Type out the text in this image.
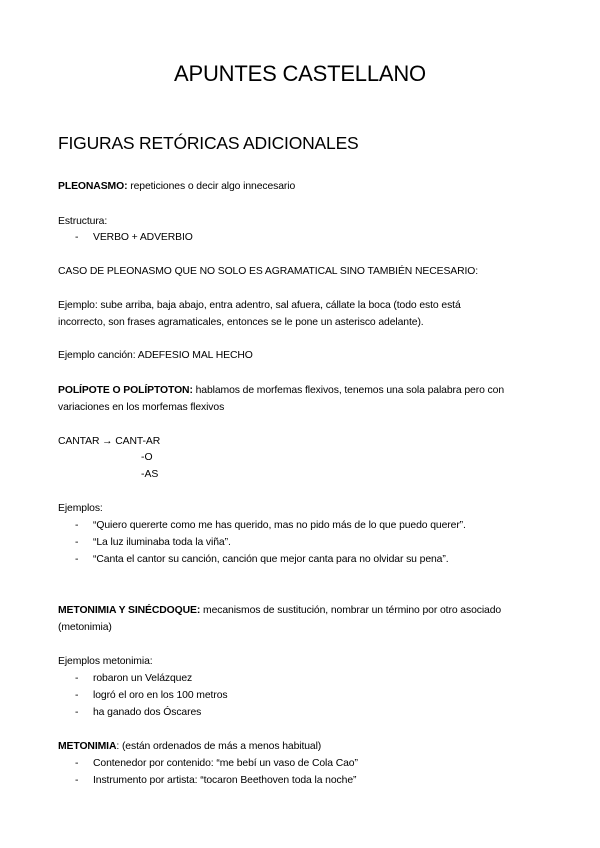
APUNTES CASTELLANO
FIGURAS RETÓRICAS ADICIONALES
PLEONASMO: repeticiones o decir algo innecesario
Estructura:
- VERBO + ADVERBIO
CASO DE PLEONASMO QUE NO SOLO ES AGRAMATICAL SINO TAMBIÉN NECESARIO:
Ejemplo: sube arriba, baja abajo, entra adentro, sal afuera, cállate la boca (todo esto está
incorrecto, son frases agramaticales, entonces se le pone un asterisco adelante).
Ejemplo canción: ADEFESIO MAL HECHO
POLÍPOTE O POLÍPTOTON: hablamos de morfemas flexivos, tenemos una sola palabra pero con
variaciones en los morfemas flexivos
CANTAR → CANT-AR
-O
-AS
Ejemplos:
- “Quiero quererte como me has querido, mas no pido más de lo que puedo querer”.
- “La luz iluminaba toda la viña”.
- “Canta el cantor su canción, canción que mejor canta para no olvidar su pena”.
METONIMIA Y SINÉCDOQUE: mecanismos de sustitución, nombrar un término por otro asociado
(metonimia)
Ejemplos metonimia:
- robaron un Velázquez
- logró el oro en los 100 metros
- ha ganado dos Óscares
METONIMIA: (están ordenados de más a menos habitual)
- Contenedor por contenido: “me bebí un vaso de Cola Cao”
- Instrumento por artista: “tocaron Beethoven toda la noche”
